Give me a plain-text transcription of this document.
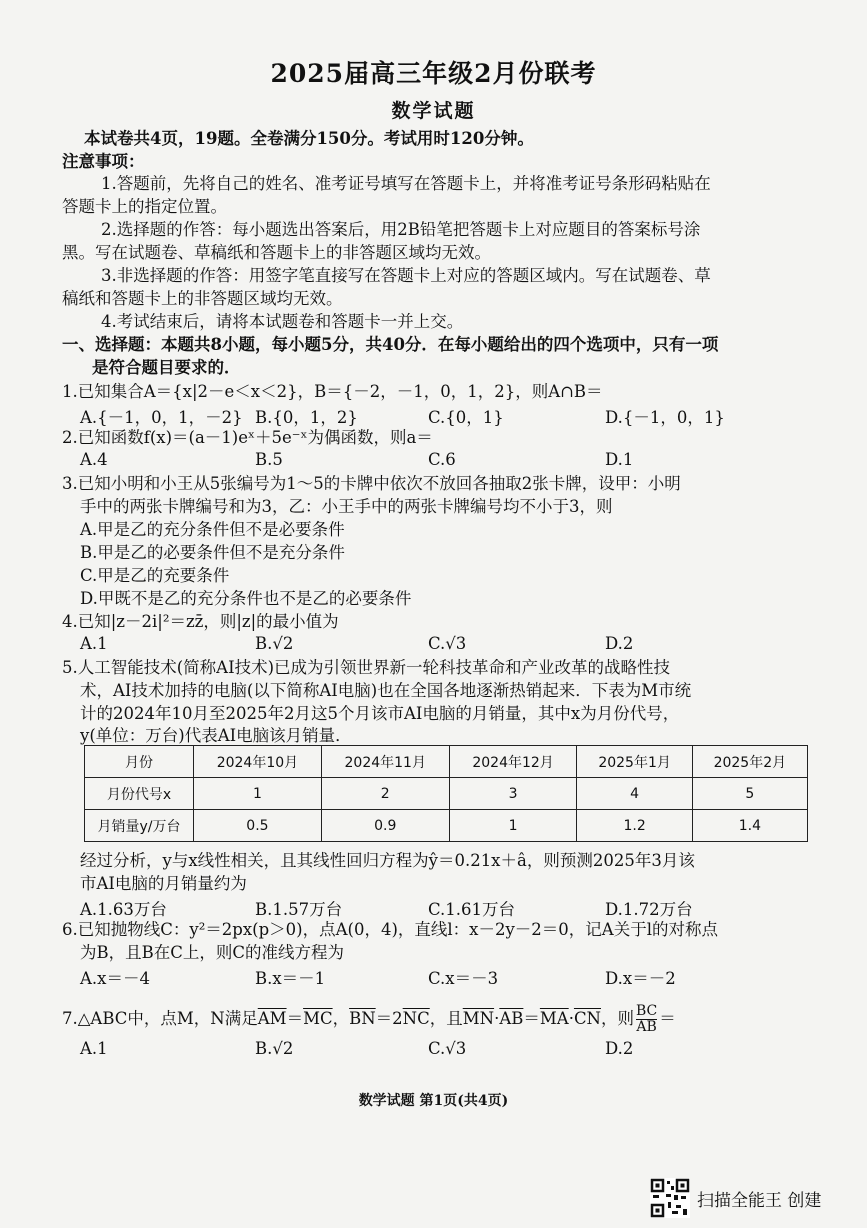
2025届高三年级2月份联考
数学试题
本试卷共4页，19题。全卷满分150分。考试用时120分钟。
注意事项：
1.答题前，先将自己的姓名、准考证号填写在答题卡上，并将准考证号条形码粘贴在
答题卡上的指定位置。
2.选择题的作答：每小题选出答案后，用2B铅笔把答题卡上对应题目的答案标号涂
黑。写在试题卷、草稿纸和答题卡上的非答题区域均无效。
3.非选择题的作答：用签字笔直接写在答题卡上对应的答题区域内。写在试题卷、草
稿纸和答题卡上的非答题区域均无效。
4.考试结束后，请将本试题卷和答题卡一并上交。
一、选择题：本题共8小题，每小题5分，共40分．在每小题给出的四个选项中，只有一项
是符合题目要求的．
1.已知集合A＝{x|2－e＜x＜2}，B＝{－2，－1，0，1，2}，则A∩B＝
A.{－1，0，1，－2} B.{0，1，2}	C.{0，1}	D.{－1，0，1}
2.已知函数f(x)＝(a－1)eˣ＋5e⁻ˣ为偶函数，则a＝
A.4	B.5	C.6	D.1
3.已知小明和小王从5张编号为1～5的卡牌中依次不放回各抽取2张卡牌，设甲：小明
手中的两张卡牌编号和为3，乙：小王手中的两张卡牌编号均不小于3，则
A.甲是乙的充分条件但不是必要条件
B.甲是乙的必要条件但不是充分条件
C.甲是乙的充要条件
D.甲既不是乙的充分条件也不是乙的必要条件
4.已知|z－2i|²＝zz̄，则|z|的最小值为
A.1	B.√2	C.√3	D.2
5.人工智能技术(简称AI技术)已成为引领世界新一轮科技革命和产业改革的战略性技
术，AI技术加持的电脑(以下简称AI电脑)也在全国各地逐渐热销起来．下表为M市统
计的2024年10月至2025年2月这5个月该市AI电脑的月销量，其中x为月份代号，
y(单位：万台)代表AI电脑该月销量．
月份	2024年10月	2024年11月	2024年12月	2025年1月	2025年2月
月份代号x	1	2	3	4	5
月销量y/万台	0.5	0.9	1	1.2	1.4
经过分析，y与x线性相关，且其线性回归方程为ŷ＝0.21x＋â，则预测2025年3月该
市AI电脑的月销量约为
A.1.63万台	B.1.57万台	C.1.61万台	D.1.72万台
6.已知抛物线C：y²＝2px(p＞0)，点A(0，4)，直线l：x－2y－2＝0，记A关于l的对称点
为B，且B在C上，则C的准线方程为
A.x＝－4	B.x＝－1	C.x＝－3	D.x＝－2
7.△ABC中，点M，N满足$\overline{AM}=\overline{MC}$，$\overline{BN}=2\overline{NC}$，且$\overline{MN}\cdot\overline{AB}=\overline{MA}\cdot\overline{CN}$，则 $\frac{BC}{AB}$ ＝
A.1	B.√2	C.√3	D.2
数学试题 第1页(共4页)
扫描全能王 创建
